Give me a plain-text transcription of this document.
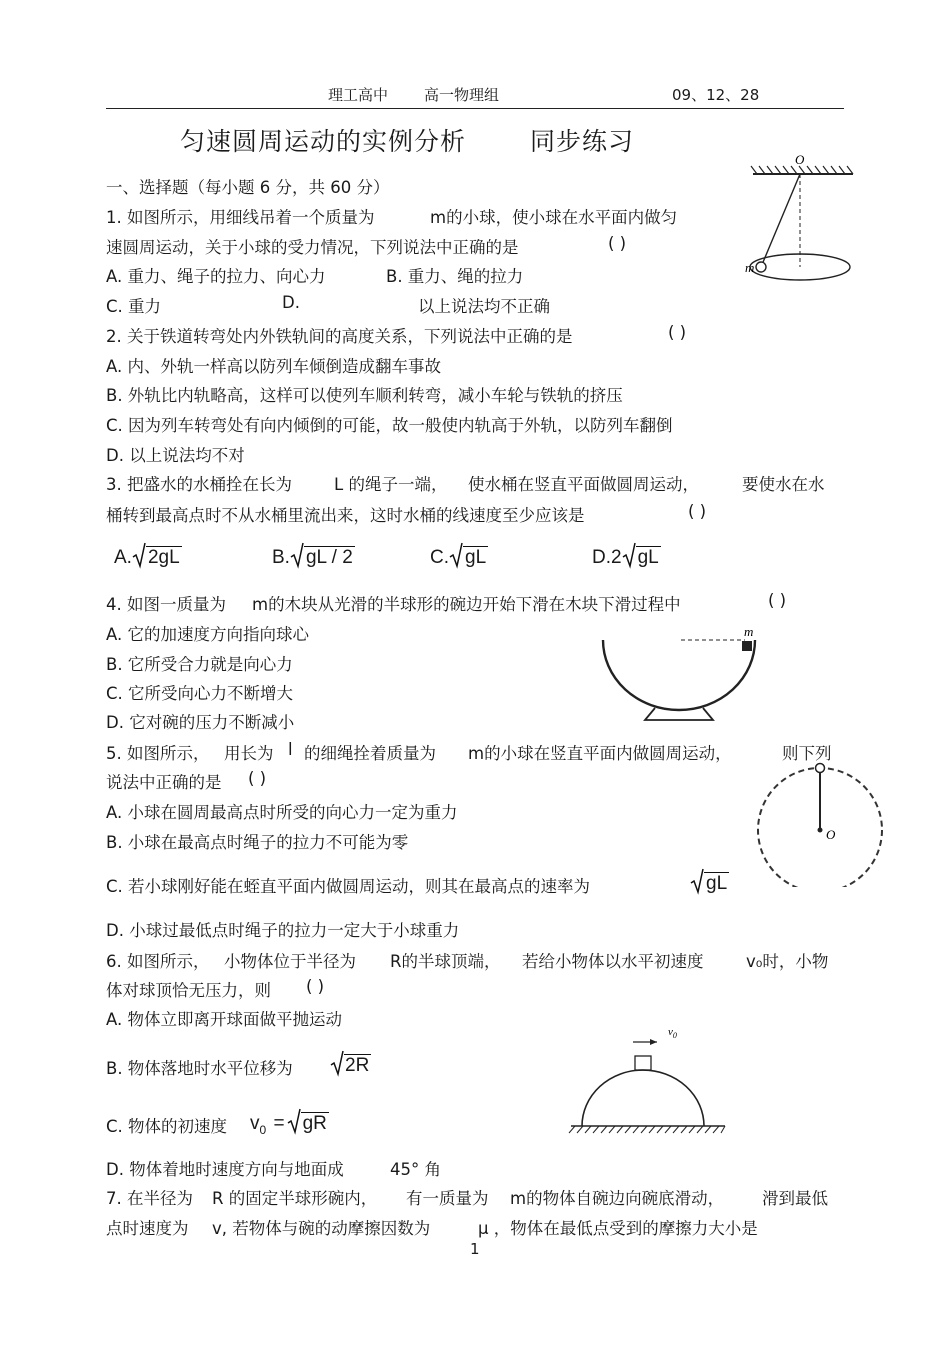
理工高中 高一物理组	09、12、28
匀速圆周运动的实例分析	同步练习
一、选择题（每小题 6 分，共 60 分）
1. 如图所示，用细线吊着一个质量为	m的小球，使小球在水平面内做匀
速圆周运动，关于小球的受力情况，下列说法中正确的是	( )
A. 重力、绳子的拉力、向心力	B. 重力、绳的拉力
C. 重力	D.	以上说法均不正确
O
m
2. 关于铁道转弯处内外铁轨间的高度关系，下列说法中正确的是	( )
A. 内、外轨一样高以防列车倾倒造成翻车事故
B. 外轨比内轨略高，这样可以使列车顺利转弯，减小车轮与铁轨的挤压
C. 因为列车转弯处有向内倾倒的可能，故一般使内轨高于外轨，以防列车翻倒
D. 以上说法均不对
3. 把盛水的水桶拴在长为	L 的绳子一端， 使水桶在竖直平面做圆周运动，	要使水在水
桶转到最高点时不从水桶里流出来，这时水桶的线速度至少应该是	( )
A. 2gL	B. gL / 2	C. gL	D.2 gL
4. 如图一质量为 m的木块从光滑的半球形的碗边开始下滑在木块下滑过程中	( )
A. 它的加速度方向指向球心
B. 它所受合力就是向心力
C. 它所受向心力不断增大
D. 它对碗的压力不断减小
m
5. 如图所示， 用长为 l 的细绳拴着质量为 m的小球在竖直平面内做圆周运动，	则下列
说法中正确的是 ( )
A. 小球在圆周最高点时所受的向心力一定为重力
B. 小球在最高点时绳子的拉力不可能为零
C. 若小球刚好能在蛭直平面内做圆周运动，则其在最高点的速率为	gL
D. 小球过最低点时绳子的拉力一定大于小球重力
O
6. 如图所示， 小物体位于半径为 R的半球顶端， 若给小物体以水平初速度	v₀时，小物
体对球顶恰无压力，则 ( )
A. 物体立即离开球面做平抛运动
B. 物体落地时水平位移为	2R
C. 物体的初速度 $v_0$ = gR
D. 物体着地时速度方向与地面成	45° 角
$v_0$
7. 在半径为 R 的固定半球形碗内， 有一质量为 m的物体自碗边向碗底滑动， 滑到最低
点时速度为 v, 若物体与碗的动摩擦因数为	μ ，物体在最低点受到的摩擦力大小是
1
